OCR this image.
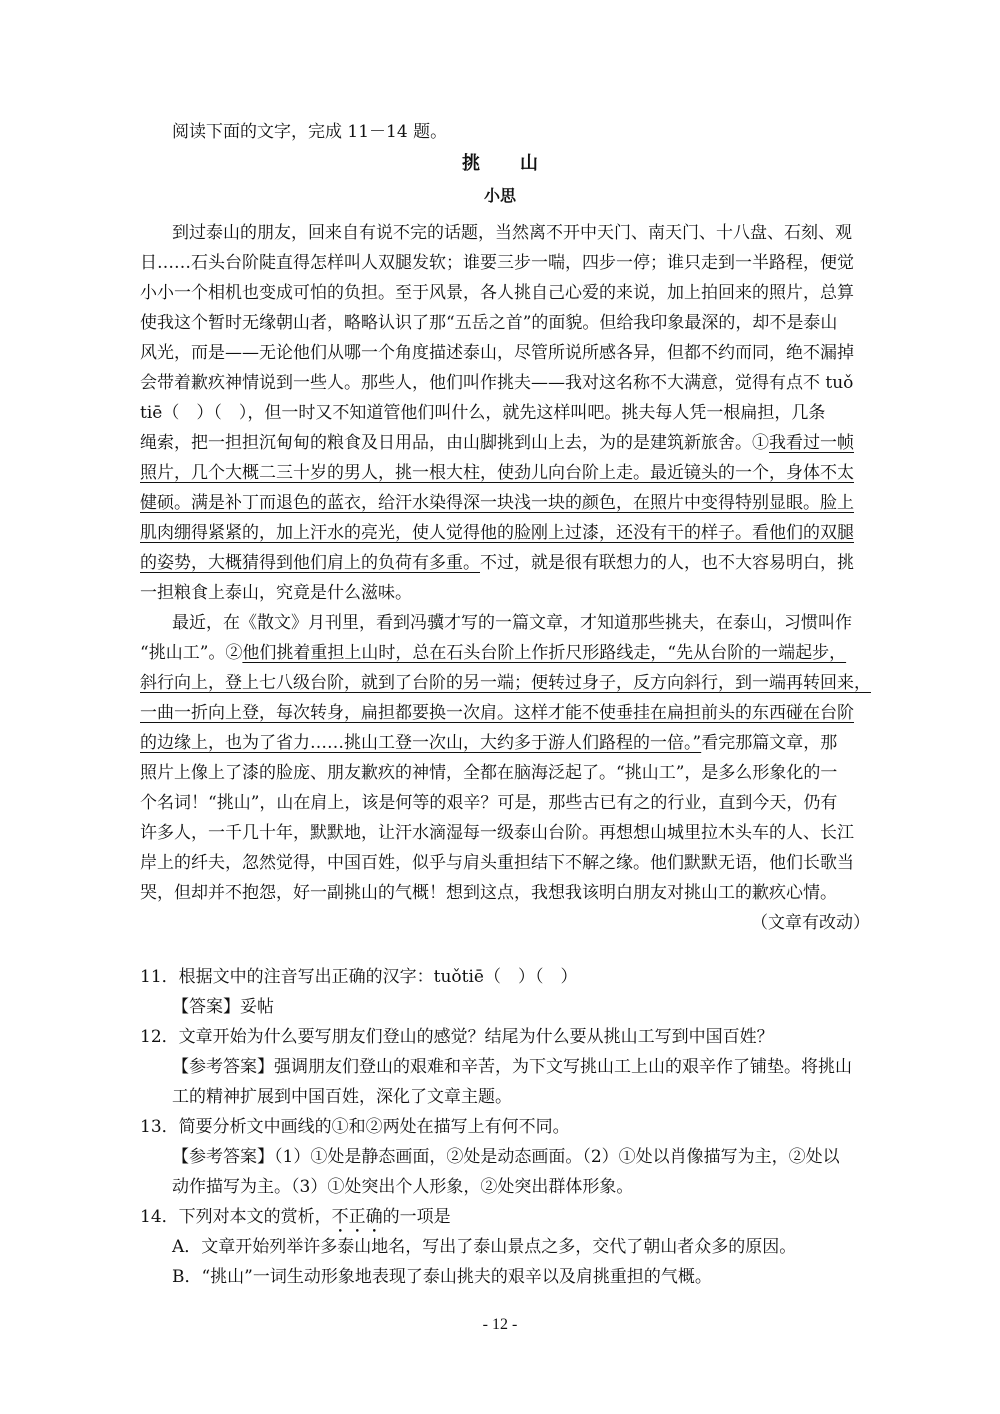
阅读下面的文字，完成 11－14 题。
挑山
小思
到过泰山的朋友，回来自有说不完的话题，当然离不开中天门、南天门、十八盘、石刻、观
日……石头台阶陡直得怎样叫人双腿发软；谁要三步一喘，四步一停；谁只走到一半路程，便觉
小小一个相机也变成可怕的负担。至于风景，各人挑自己心爱的来说，加上拍回来的照片，总算
使我这个暂时无缘朝山者，略略认识了那“五岳之首”的面貌。但给我印象最深的，却不是泰山
风光，而是——无论他们从哪一个角度描述泰山，尽管所说所感各异，但都不约而同，绝不漏掉
会带着歉疚神情说到一些人。那些人，他们叫作挑夫——我对这名称不大满意，觉得有点不 tuǒ
tiē（　）（　），但一时又不知道管他们叫什么，就先这样叫吧。挑夫每人凭一根扁担，几条
绳索，把一担担沉甸甸的粮食及日用品，由山脚挑到山上去，为的是建筑新旅舍。①我看过一帧
照片，几个大概二三十岁的男人，挑一根大柱，使劲儿向台阶上走。最近镜头的一个，身体不太
健硕。满是补丁而退色的蓝衣，给汗水染得深一块浅一块的颜色，在照片中变得特别显眼。脸上
肌肉绷得紧紧的，加上汗水的亮光，使人觉得他的脸刚上过漆，还没有干的样子。看他们的双腿
的姿势，大概猜得到他们肩上的负荷有多重。不过，就是很有联想力的人，也不大容易明白，挑
一担粮食上泰山，究竟是什么滋味。
最近，在《散文》月刊里，看到冯骥才写的一篇文章，才知道那些挑夫，在泰山，习惯叫作
“挑山工”。②他们挑着重担上山时，总在石头台阶上作折尺形路线走，“先从台阶的一端起步，
斜行向上，登上七八级台阶，就到了台阶的另一端；便转过身子，反方向斜行，到一端再转回来，
一曲一折向上登，每次转身，扁担都要换一次肩。这样才能不使垂挂在扁担前头的东西碰在台阶
的边缘上，也为了省力……挑山工登一次山，大约多于游人们路程的一倍。”看完那篇文章，那
照片上像上了漆的脸庞、朋友歉疚的神情，全都在脑海泛起了。“挑山工”，是多么形象化的一
个名词！“挑山”，山在肩上，该是何等的艰辛？可是，那些古已有之的行业，直到今天，仍有
许多人，一千几十年，默默地，让汗水滴湿每一级泰山台阶。再想想山城里拉木头车的人、长江
岸上的纤夫，忽然觉得，中国百姓，似乎与肩头重担结下不解之缘。他们默默无语，他们长歌当
哭，但却并不抱怨，好一副挑山的气概！想到这点，我想我该明白朋友对挑山工的歉疚心情。
（文章有改动）
11．根据文中的注音写出正确的汉字：tuǒtiē（　）（　）
【答案】妥帖
12．文章开始为什么要写朋友们登山的感觉？结尾为什么要从挑山工写到中国百姓？
【参考答案】强调朋友们登山的艰难和辛苦，为下文写挑山工上山的艰辛作了铺垫。将挑山
工的精神扩展到中国百姓，深化了文章主题。
13．简要分析文中画线的①和②两处在描写上有何不同。
【参考答案】（1）①处是静态画面，②处是动态画面。（2）①处以肖像描写为主，②处以
动作描写为主。（3）①处突出个人形象，②处突出群体形象。
14．下列对本文的赏析，不正确的一项是
A．文章开始列举许多泰山地名，写出了泰山景点之多，交代了朝山者众多的原因。
B．“挑山”一词生动形象地表现了泰山挑夫的艰辛以及肩挑重担的气概。
- 12 -
